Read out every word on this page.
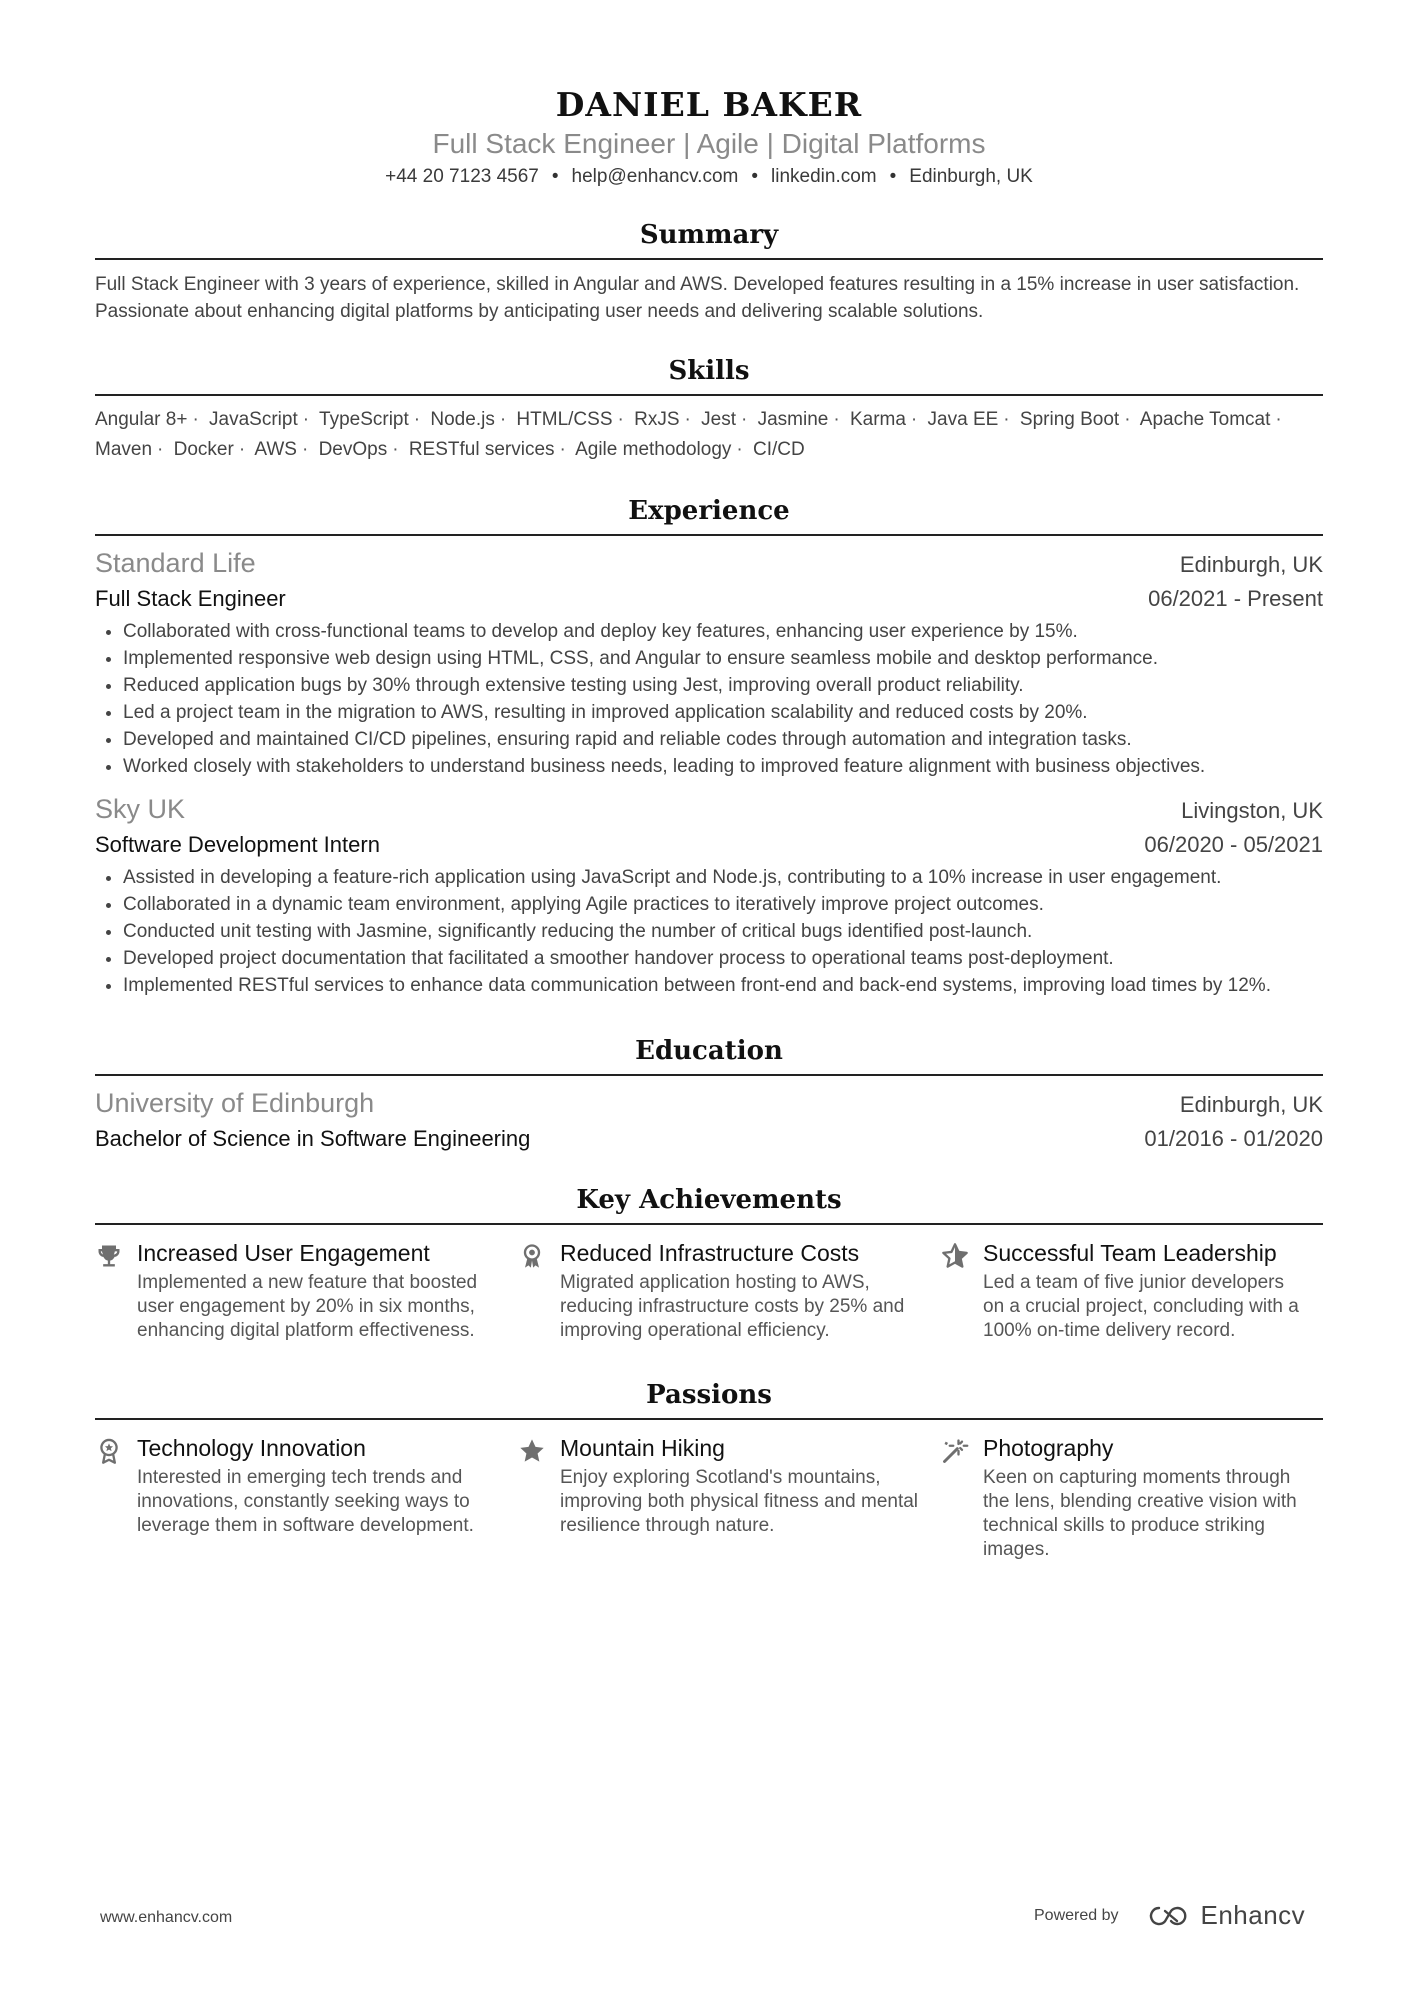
DANIEL BAKER
Full Stack Engineer | Agile | Digital Platforms
+44 20 7123 4567 • help@enhancv.com • linkedin.com • Edinburgh, UK
Summary
Full Stack Engineer with 3 years of experience, skilled in Angular and AWS. Developed features resulting in a 15% increase in user satisfaction. Passionate about enhancing digital platforms by anticipating user needs and delivering scalable solutions.
Skills
Angular 8+ · JavaScript · TypeScript · Node.js · HTML/CSS · RxJS · Jest · Jasmine · Karma · Java EE · Spring Boot · Apache Tomcat · Maven · Docker · AWS · DevOps · RESTful services · Agile methodology · CI/CD
Experience
Standard Life	Edinburgh, UK
Full Stack Engineer	06/2021 - Present
• Collaborated with cross-functional teams to develop and deploy key features, enhancing user experience by 15%.
• Implemented responsive web design using HTML, CSS, and Angular to ensure seamless mobile and desktop performance.
• Reduced application bugs by 30% through extensive testing using Jest, improving overall product reliability.
• Led a project team in the migration to AWS, resulting in improved application scalability and reduced costs by 20%.
• Developed and maintained CI/CD pipelines, ensuring rapid and reliable codes through automation and integration tasks.
• Worked closely with stakeholders to understand business needs, leading to improved feature alignment with business objectives.
Sky UK	Livingston, UK
Software Development Intern	06/2020 - 05/2021
• Assisted in developing a feature-rich application using JavaScript and Node.js, contributing to a 10% increase in user engagement.
• Collaborated in a dynamic team environment, applying Agile practices to iteratively improve project outcomes.
• Conducted unit testing with Jasmine, significantly reducing the number of critical bugs identified post-launch.
• Developed project documentation that facilitated a smoother handover process to operational teams post-deployment.
• Implemented RESTful services to enhance data communication between front-end and back-end systems, improving load times by 12%.
Education
University of Edinburgh	Edinburgh, UK
Bachelor of Science in Software Engineering	01/2016 - 01/2020
Key Achievements
Increased User Engagement
Implemented a new feature that boosted user engagement by 20% in six months, enhancing digital platform effectiveness.
Reduced Infrastructure Costs
Migrated application hosting to AWS, reducing infrastructure costs by 25% and improving operational efficiency.
Successful Team Leadership
Led a team of five junior developers on a crucial project, concluding with a 100% on-time delivery record.
Passions
Technology Innovation
Interested in emerging tech trends and innovations, constantly seeking ways to leverage them in software development.
Mountain Hiking
Enjoy exploring Scotland's mountains, improving both physical fitness and mental resilience through nature.
Photography
Keen on capturing moments through the lens, blending creative vision with technical skills to produce striking images.
www.enhancv.com	Powered by	Enhancv
